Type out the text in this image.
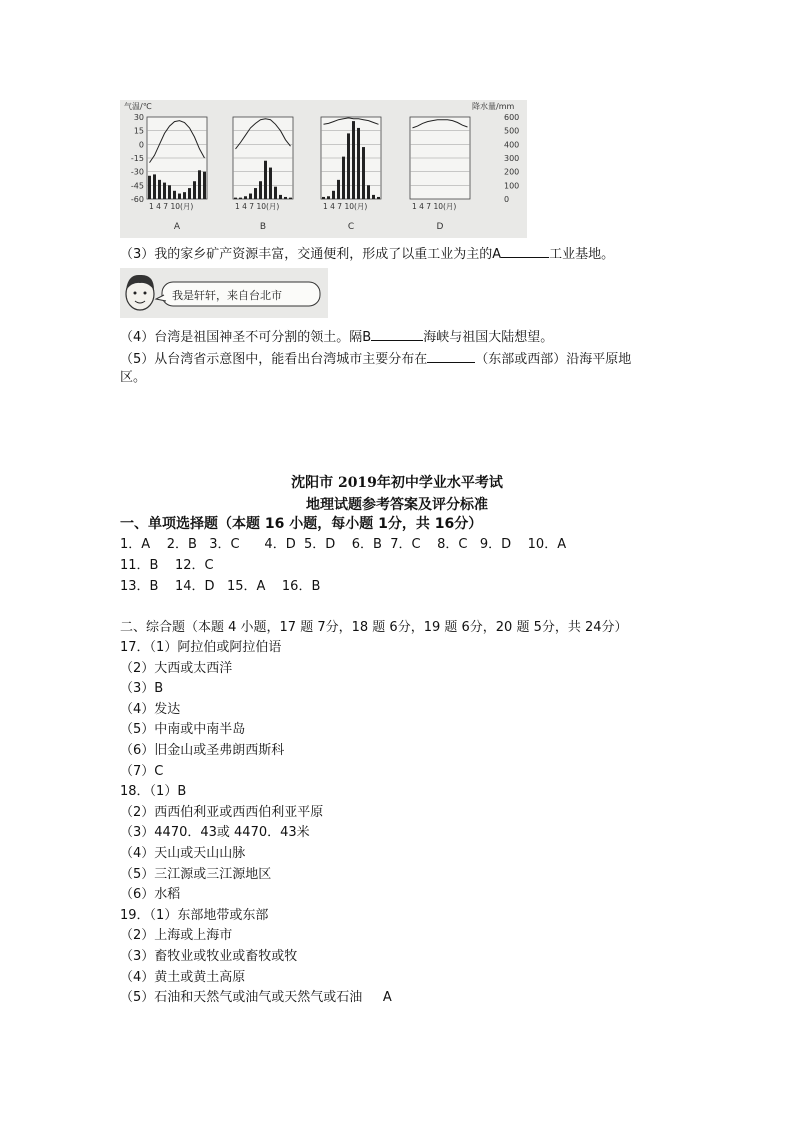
气温/℃	降水量/mm
30
15
0
-15
-30
-45
-60
600
500
400
300
200
100
0
1 4 7 10(月)
A
1 4 7 10(月)
B
1 4 7 10(月)
C
1 4 7 10(月)
D
（3）我的家乡矿产资源丰富，交通便利，形成了以重工业为主的A	工业基地。
我是轩轩，来自台北市
（4）台湾是祖国神圣不可分割的领土。隔B	海峡与祖国大陆想望。
（5）从台湾省示意图中，能看出台湾城市主要分布在	（东部或西部）沿海平原地
区。
沈阳市 2019年初中学业水平考试
地理试题参考答案及评分标准
一、单项选择题（本题 16 小题，每小题 1分，共 16分）
1．A    2．B   3．C      4．D  5．D    6．B  7．C    8．C   9．D    10．A
11．B    12．C
13．B    14．D   15．A    16．B
二、综合题（本题 4 小题，17 题 7分，18 题 6分，19 题 6分，20 题 5分，共 24分）
17．（1）阿拉伯或阿拉伯语
（2）大西或太西洋
（3）B
（4）发达
（5）中南或中南半岛
（6）旧金山或圣弗朗西斯科
（7）C
18．（1）B
（2）西西伯利亚或西西伯利亚平原
（3）4470．43或 4470．43米
（4）天山或天山山脉
（5）三江源或三江源地区
（6）水稻
19．（1）东部地带或东部
（2）上海或上海市
（3）畜牧业或牧业或畜牧或牧
（4）黄土或黄土高原
（5）石油和天然气或油气或天然气或石油     A
